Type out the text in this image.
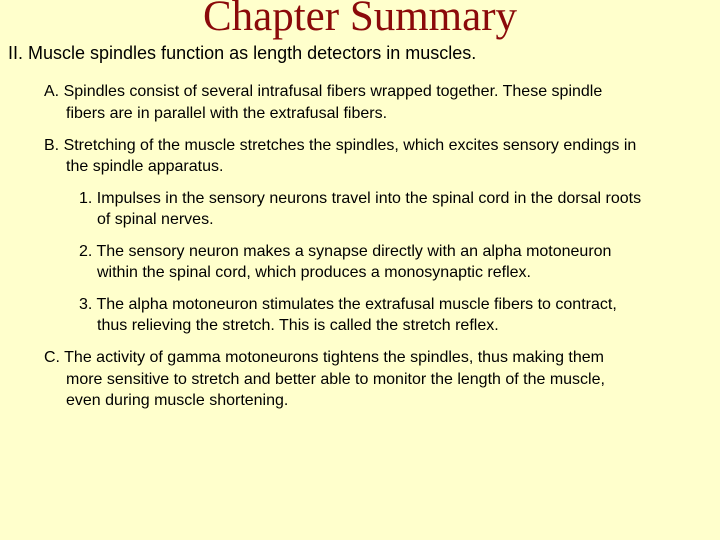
Chapter Summary
II. Muscle spindles function as length detectors in muscles.
A. Spindles consist of several intrafusal fibers wrapped together. These spindle
fibers are in parallel with the extrafusal fibers.
B. Stretching of the muscle stretches the spindles, which excites sensory endings in
the spindle apparatus.
1. Impulses in the sensory neurons travel into the spinal cord in the dorsal roots
of spinal nerves.
2. The sensory neuron makes a synapse directly with an alpha motoneuron
within the spinal cord, which produces a monosynaptic reflex.
3. The alpha motoneuron stimulates the extrafusal muscle fibers to contract,
thus relieving the stretch. This is called the stretch reflex.
C. The activity of gamma motoneurons tightens the spindles, thus making them
more sensitive to stretch and better able to monitor the length of the muscle,
even during muscle shortening.
